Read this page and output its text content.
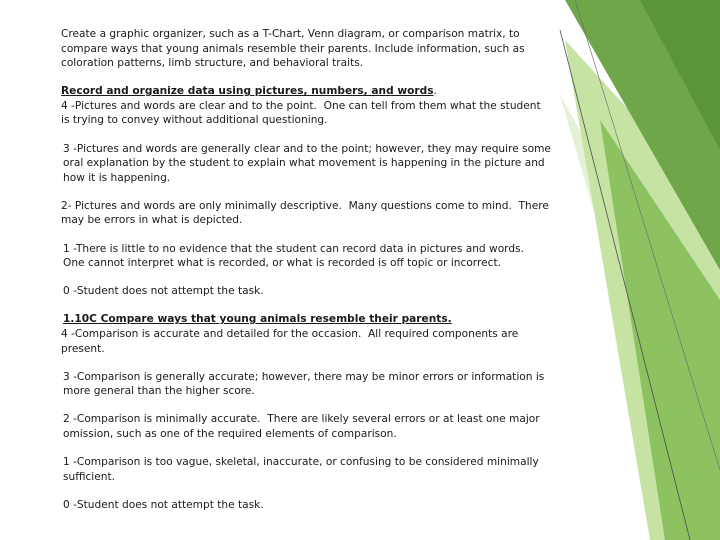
Create a graphic organizer, such as a T-Chart, Venn diagram, or comparison matrix, to compare ways that young animals resemble their parents. Include information, such as coloration patterns, limb structure, and behavioral traits.

Record and organize data using pictures, numbers, and words.

4 -Pictures and words are clear and to the point.  One can tell from them what the student is trying to convey without additional questioning.

3 -Pictures and words are generally clear and to the point; however, they may require some oral explanation by the student to explain what movement is happening in the picture and how it is happening.

2- Pictures and words are only minimally descriptive.  Many questions come to mind.  There may be errors in what is depicted.

1 -There is little to no evidence that the student can record data in pictures and words.  One cannot interpret what is recorded, or what is recorded is off topic or incorrect.

0 -Student does not attempt the task.

1.10C Compare ways that young animals resemble their parents.

4 -Comparison is accurate and detailed for the occasion.  All required components are present.

3 -Comparison is generally accurate; however, there may be minor errors or information is more general than the higher score.

2 -Comparison is minimally accurate.  There are likely several errors or at least one major omission, such as one of the required elements of comparison.

1 -Comparison is too vague, skeletal, inaccurate, or confusing to be considered minimally sufficient.

0 -Student does not attempt the task.
